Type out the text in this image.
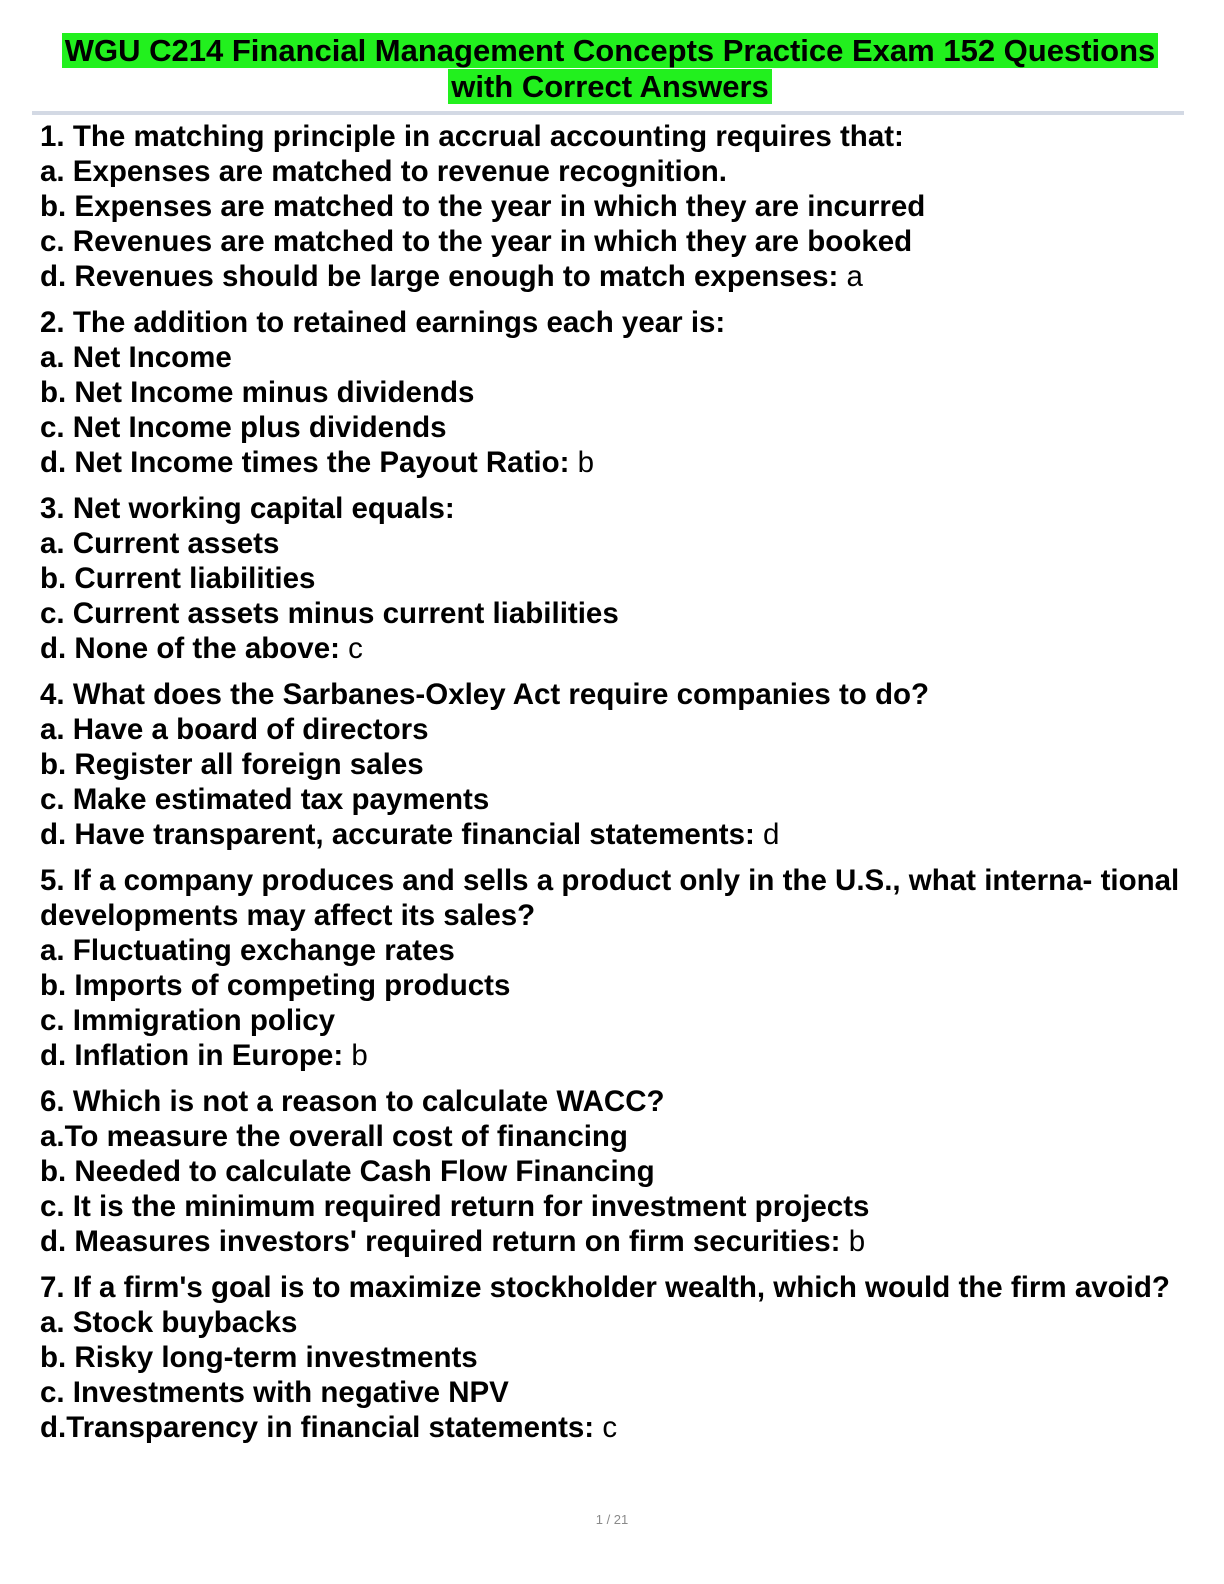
WGU C214 Financial Management Concepts Practice Exam 152 Questions with Correct Answers

1. The matching principle in accrual accounting requires that:
a. Expenses are matched to revenue recognition.
b. Expenses are matched to the year in which they are incurred
c. Revenues are matched to the year in which they are booked
d. Revenues should be large enough to match expenses: a
2. The addition to retained earnings each year is:
a. Net Income
b. Net Income minus dividends
c. Net Income plus dividends
d. Net Income times the Payout Ratio: b
3. Net working capital equals:
a. Current assets
b. Current liabilities
c. Current assets minus current liabilities
d. None of the above: c
4. What does the Sarbanes-Oxley Act require companies to do?
a. Have a board of directors
b. Register all foreign sales
c. Make estimated tax payments
d. Have transparent, accurate financial statements: d
5. If a company produces and sells a product only in the U.S., what interna- tional developments may affect its sales?
a. Fluctuating exchange rates
b. Imports of competing products
c. Immigration policy
d. Inflation in Europe: b
6. Which is not a reason to calculate WACC?
a.To measure the overall cost of financing
b. Needed to calculate Cash Flow Financing
c. It is the minimum required return for investment projects
d. Measures investors' required return on firm securities: b
7. If a firm's goal is to maximize stockholder wealth, which would the firm avoid?
a. Stock buybacks
b. Risky long-term investments
c. Investments with negative NPV
d.Transparency in financial statements: c
1 / 21
